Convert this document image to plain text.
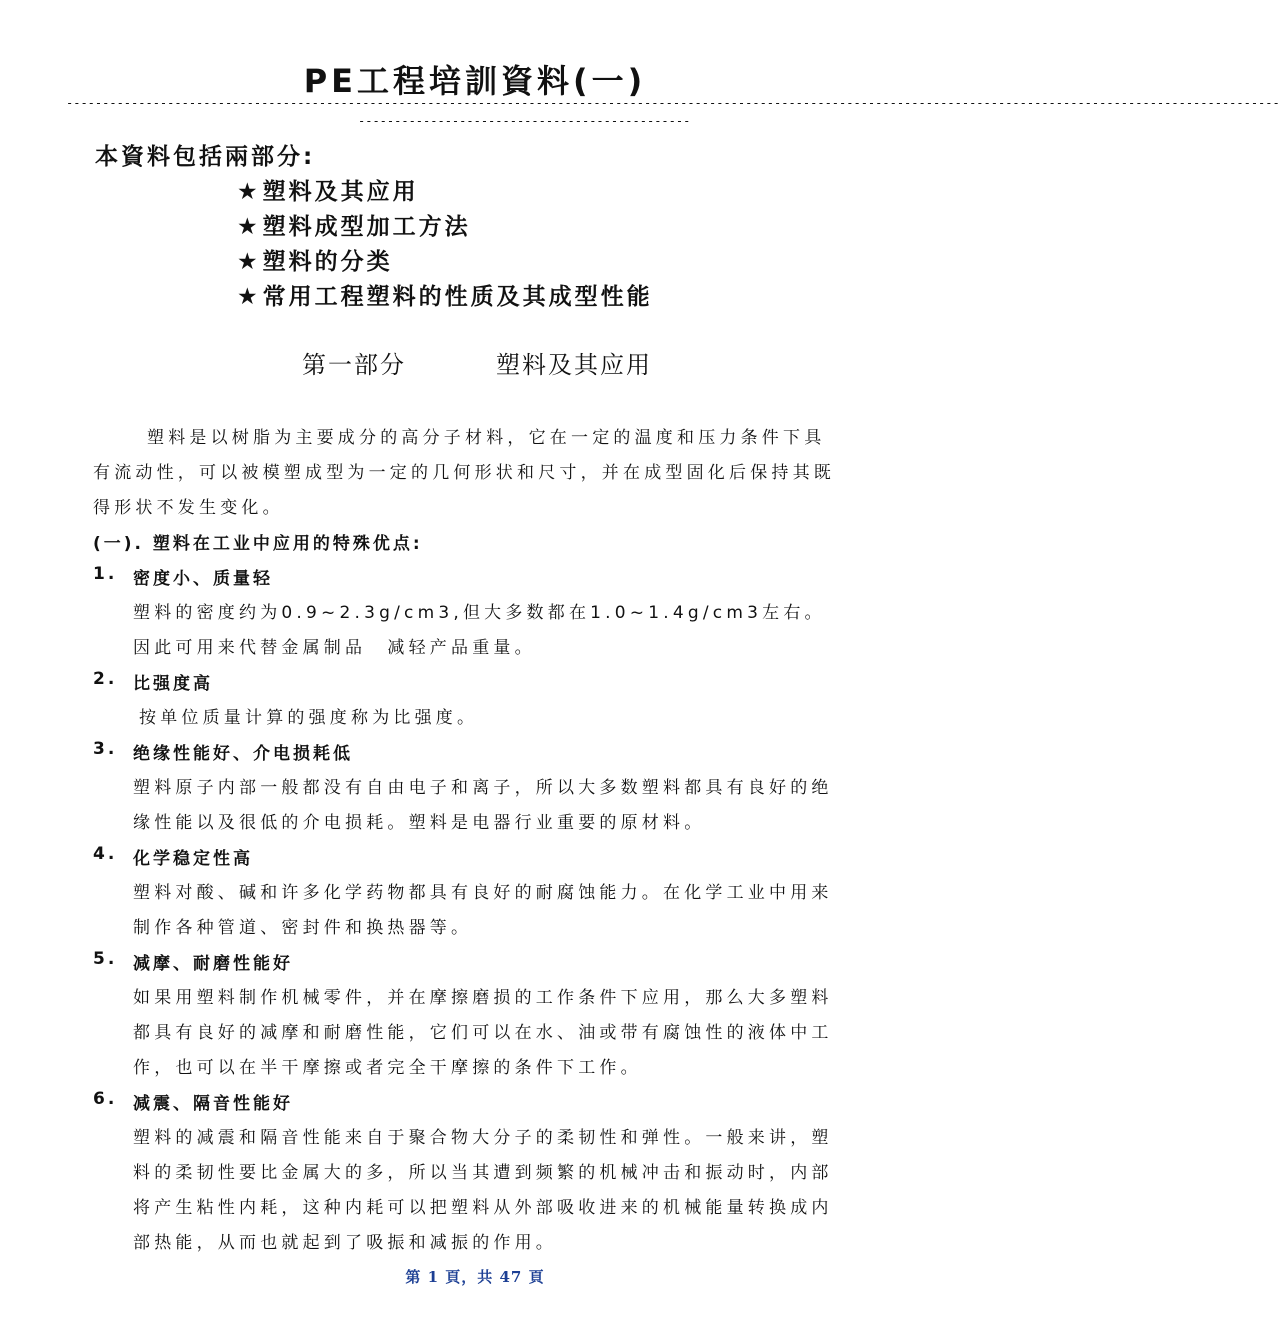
PE工程培訓資料(一)
------------------------------------------------------------------------------------------------------------------------------------------------------------------------
----------------------------------------------
本資料包括兩部分:
★塑料及其应用
★塑料成型加工方法
★塑料的分类
★常用工程塑料的性质及其成型性能
第一部分	塑料及其应用
塑料是以树脂为主要成分的高分子材料，它在一定的温度和压力条件下具
有流动性，可以被模塑成型为一定的几何形状和尺寸，并在成型固化后保持其既
得形状不发生变化。
(一). 塑料在工业中应用的特殊优点:
1. 密度小、质量轻
塑料的密度约为0.9~2.3g/cm3,但大多数都在1.0~1.4g/cm3左右。
因此可用来代替金属制品　减轻产品重量。
2. 比强度高
按单位质量计算的强度称为比强度。
3. 绝缘性能好、介电损耗低
塑料原子内部一般都没有自由电子和离子，所以大多数塑料都具有良好的绝
缘性能以及很低的介电损耗。塑料是电器行业重要的原材料。
4. 化学稳定性高
塑料对酸、碱和许多化学药物都具有良好的耐腐蚀能力。在化学工业中用来
制作各种管道、密封件和换热器等。
5. 减摩、耐磨性能好
如果用塑料制作机械零件，并在摩擦磨损的工作条件下应用，那么大多塑料
都具有良好的减摩和耐磨性能，它们可以在水、油或带有腐蚀性的液体中工
作，也可以在半干摩擦或者完全干摩擦的条件下工作。
6. 减震、隔音性能好
塑料的减震和隔音性能来自于聚合物大分子的柔韧性和弹性。一般来讲，塑
料的柔韧性要比金属大的多，所以当其遭到频繁的机械冲击和振动时，内部
将产生粘性内耗，这种内耗可以把塑料从外部吸收进来的机械能量转换成内
部热能，从而也就起到了吸振和减振的作用。
第 1 頁，共 47 頁
